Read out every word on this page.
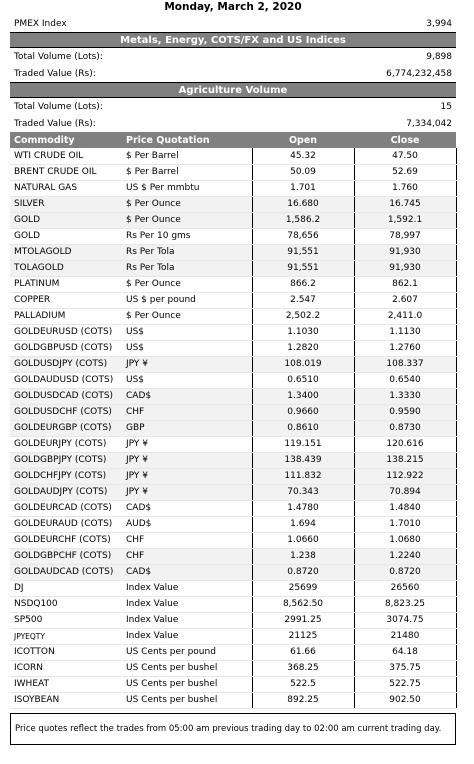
Monday, March 2, 2020
PMEX Index	3,994
Metals, Energy, COTS/FX and US Indices
Total Volume (Lots):	9,898
Traded Value (Rs):	6,774,232,458
Agriculture Volume
Total Volume (Lots):	15
Traded Value (Rs):	7,334,042
Commodity	Price Quotation	Open	Close
WTI CRUDE OIL	$ Per Barrel	45.32	47.50
BRENT CRUDE OIL	$ Per Barrel	50.09	52.69
NATURAL GAS	US $ Per mmbtu	1.701	1.760
SILVER	$ Per Ounce	16.680	16.745
GOLD	$ Per Ounce	1,586.2	1,592.1
GOLD	Rs Per 10 gms	78,656	78,997
MTOLAGOLD	Rs Per Tola	91,551	91,930
TOLAGOLD	Rs Per Tola	91,551	91,930
PLATINUM	$ Per Ounce	866.2	862.1
COPPER	US $ per pound	2.547	2.607
PALLADIUM	$ Per Ounce	2,502.2	2,411.0
GOLDEURUSD (COTS)	US$	1.1030	1.1130
GOLDGBPUSD (COTS)	US$	1.2820	1.2760
GOLDUSDJPY (COTS)	JPY ¥	108.019	108.337
GOLDAUDUSD (COTS)	US$	0.6510	0.6540
GOLDUSDCAD (COTS)	CAD$	1.3400	1.3330
GOLDUSDCHF (COTS)	CHF	0.9660	0.9590
GOLDEURGBP (COTS)	GBP	0.8610	0.8730
GOLDEURJPY (COTS)	JPY ¥	119.151	120.616
GOLDGBPJPY (COTS)	JPY ¥	138.439	138.215
GOLDCHFJPY (COTS)	JPY ¥	111.832	112.922
GOLDAUDJPY (COTS)	JPY ¥	70.343	70.894
GOLDEURCAD (COTS)	CAD$	1.4780	1.4840
GOLDEURAUD (COTS)	AUD$	1.694	1.7010
GOLDEURCHF (COTS)	CHF	1.0660	1.0680
GOLDGBPCHF (COTS)	CHF	1.238	1.2240
GOLDAUDCAD (COTS)	CAD$	0.8720	0.8720
DJ	Index Value	25699	26560
NSDQ100	Index Value	8,562.50	8,823.25
SP500	Index Value	2991.25	3074.75
JPYEQTY	Index Value	21125	21480
ICOTTON	US Cents per pound	61.66	64.18
ICORN	US Cents per bushel	368.25	375.75
IWHEAT	US Cents per bushel	522.5	522.75
ISOYBEAN	US Cents per bushel	892.25	902.50
Price quotes reflect the trades from 05:00 am previous trading day to 02:00 am current trading day.
